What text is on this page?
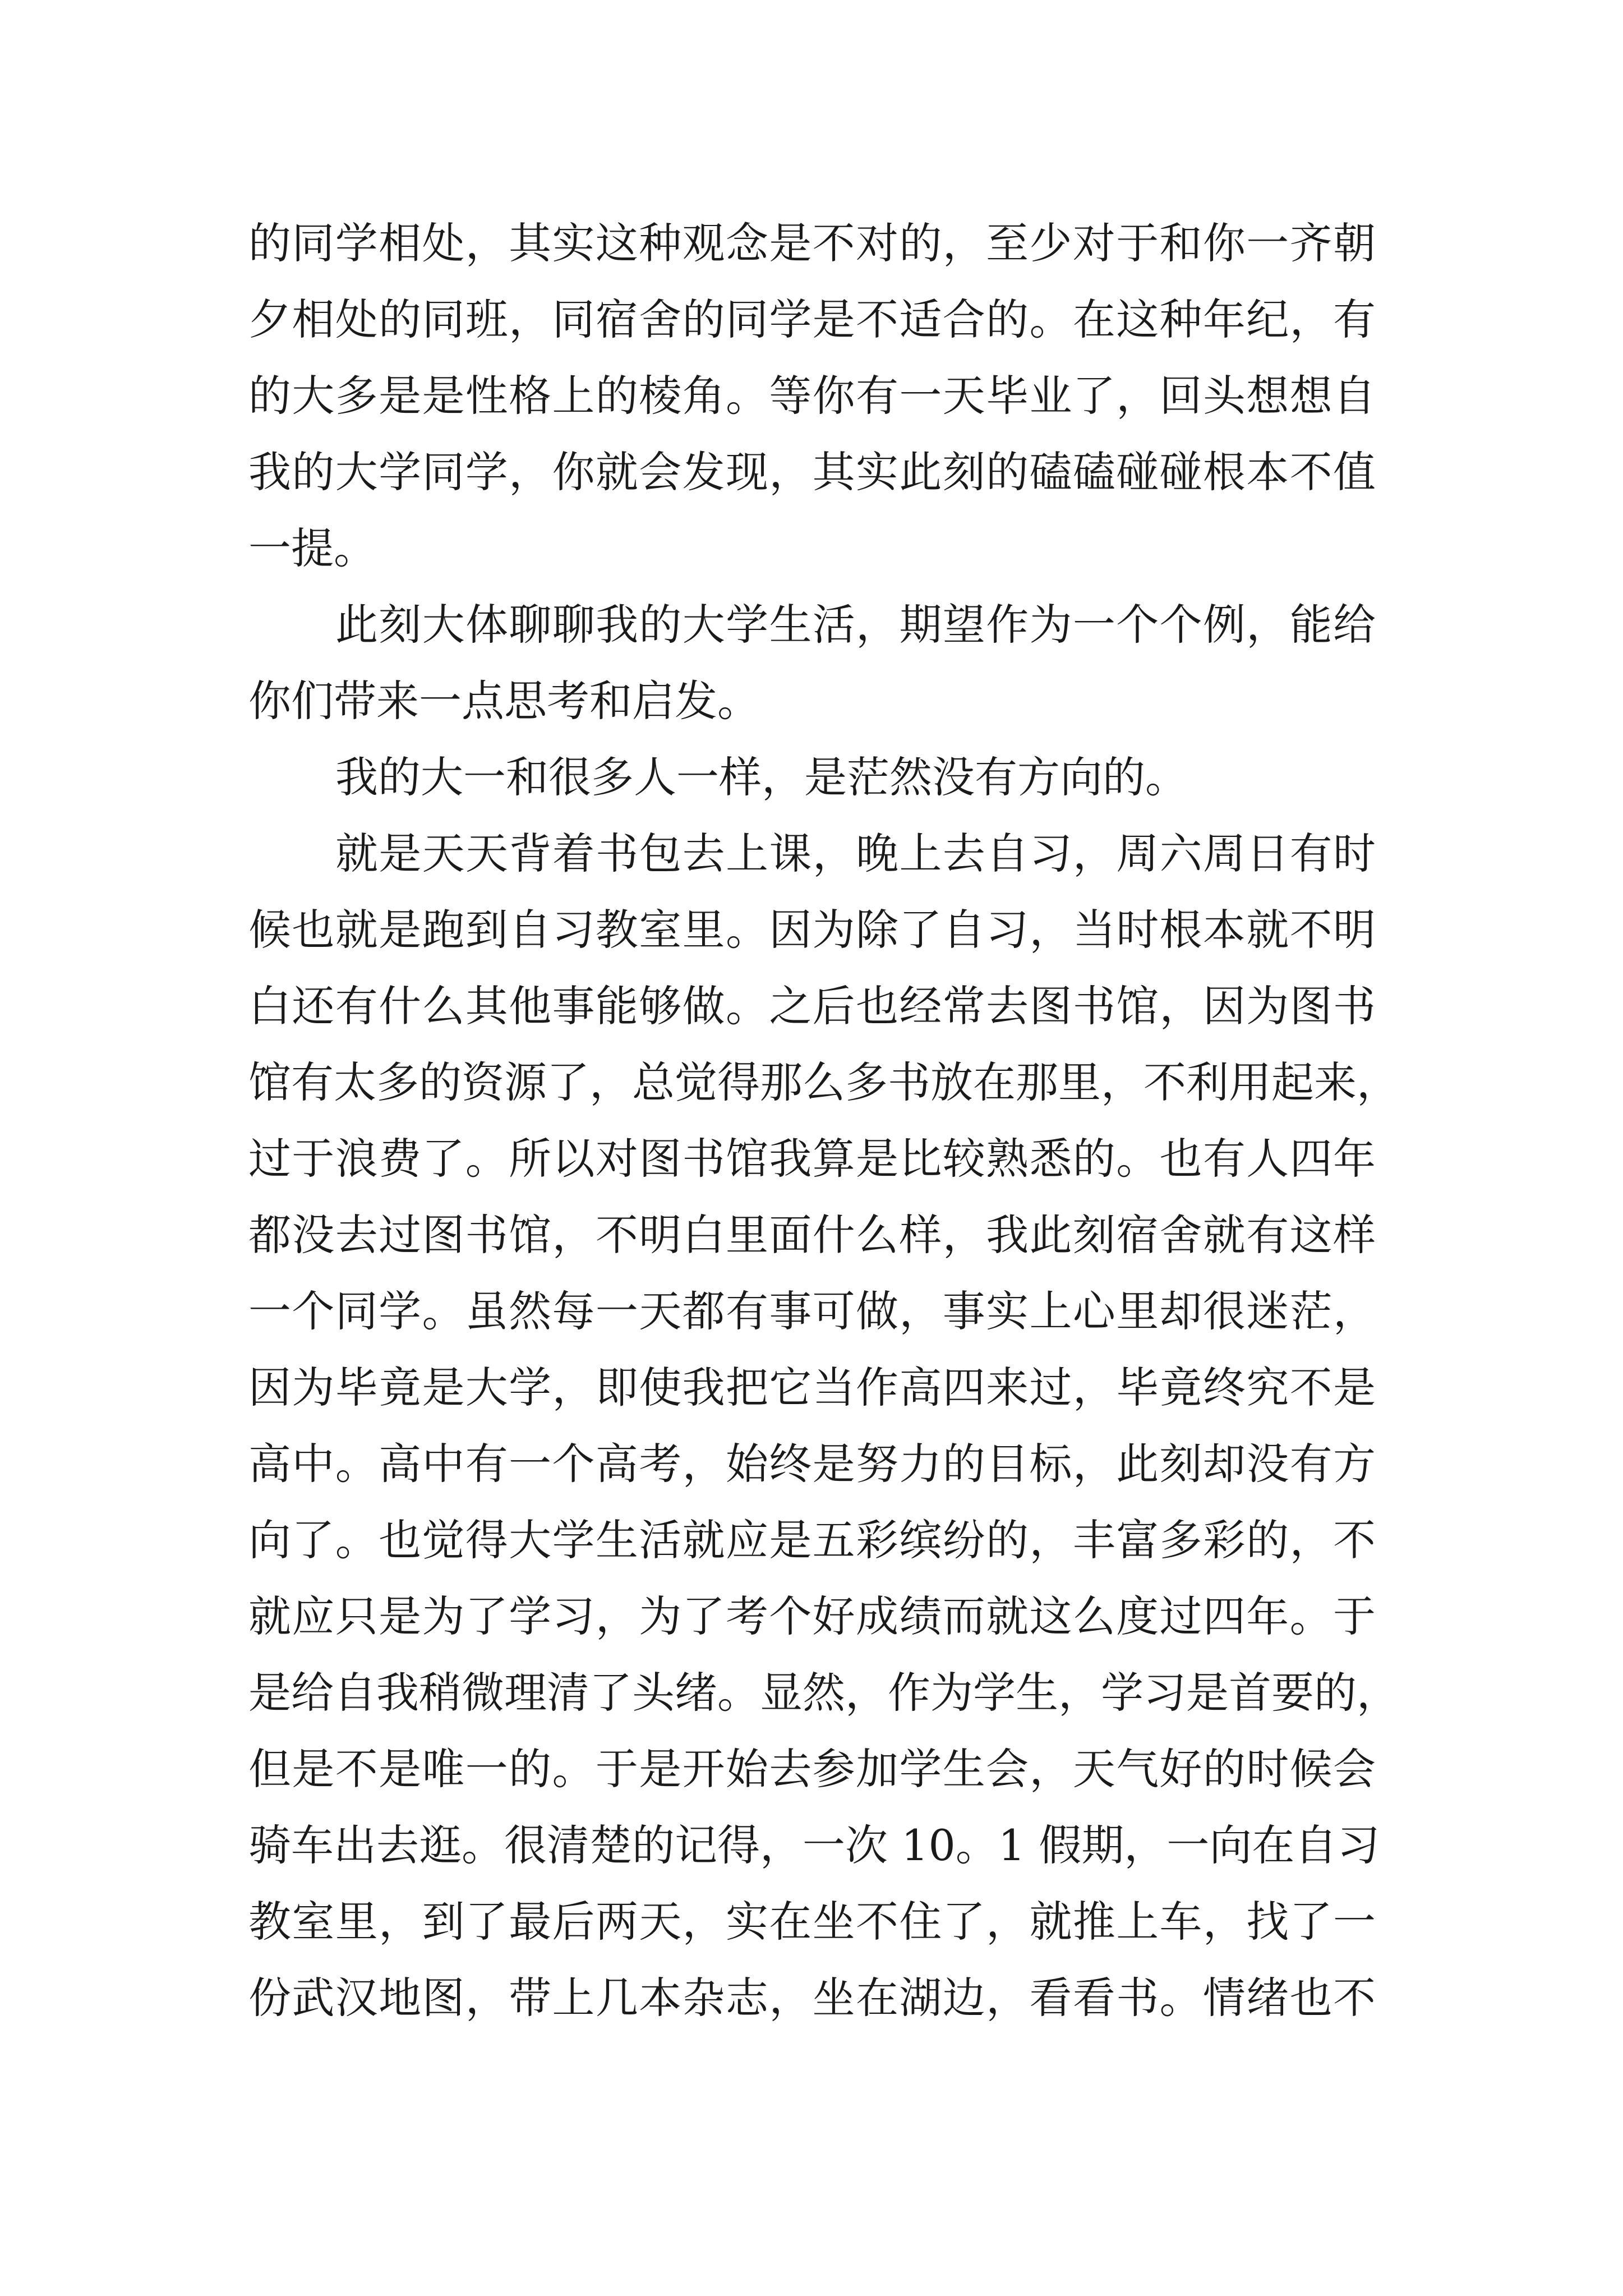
的同学相处，其实这种观念是不对的，至少对于和你一齐朝
夕相处的同班，同宿舍的同学是不适合的。在这种年纪，有
的大多是是性格上的棱角。等你有一天毕业了，回头想想自
我的大学同学，你就会发现，其实此刻的磕磕碰碰根本不值
一提。
此刻大体聊聊我的大学生活，期望作为一个个例，能给
你们带来一点思考和启发。
我的大一和很多人一样，是茫然没有方向的。
就是天天背着书包去上课，晚上去自习，周六周日有时
候也就是跑到自习教室里。因为除了自习，当时根本就不明
白还有什么其他事能够做。之后也经常去图书馆，因为图书
馆有太多的资源了，总觉得那么多书放在那里，不利用起来，
过于浪费了。所以对图书馆我算是比较熟悉的。也有人四年
都没去过图书馆，不明白里面什么样，我此刻宿舍就有这样
一个同学。虽然每一天都有事可做，事实上心里却很迷茫，
因为毕竟是大学，即使我把它当作高四来过，毕竟终究不是
高中。高中有一个高考，始终是努力的目标，此刻却没有方
向了。也觉得大学生活就应是五彩缤纷的，丰富多彩的，不
就应只是为了学习，为了考个好成绩而就这么度过四年。于
是给自我稍微理清了头绪。显然，作为学生，学习是首要的，
但是不是唯一的。于是开始去参加学生会，天气好的时候会
骑车出去逛。很清楚的记得，一次 10。1 假期，一向在自习
教室里，到了最后两天，实在坐不住了，就推上车，找了一
份武汉地图，带上几本杂志，坐在湖边，看看书。情绪也不
